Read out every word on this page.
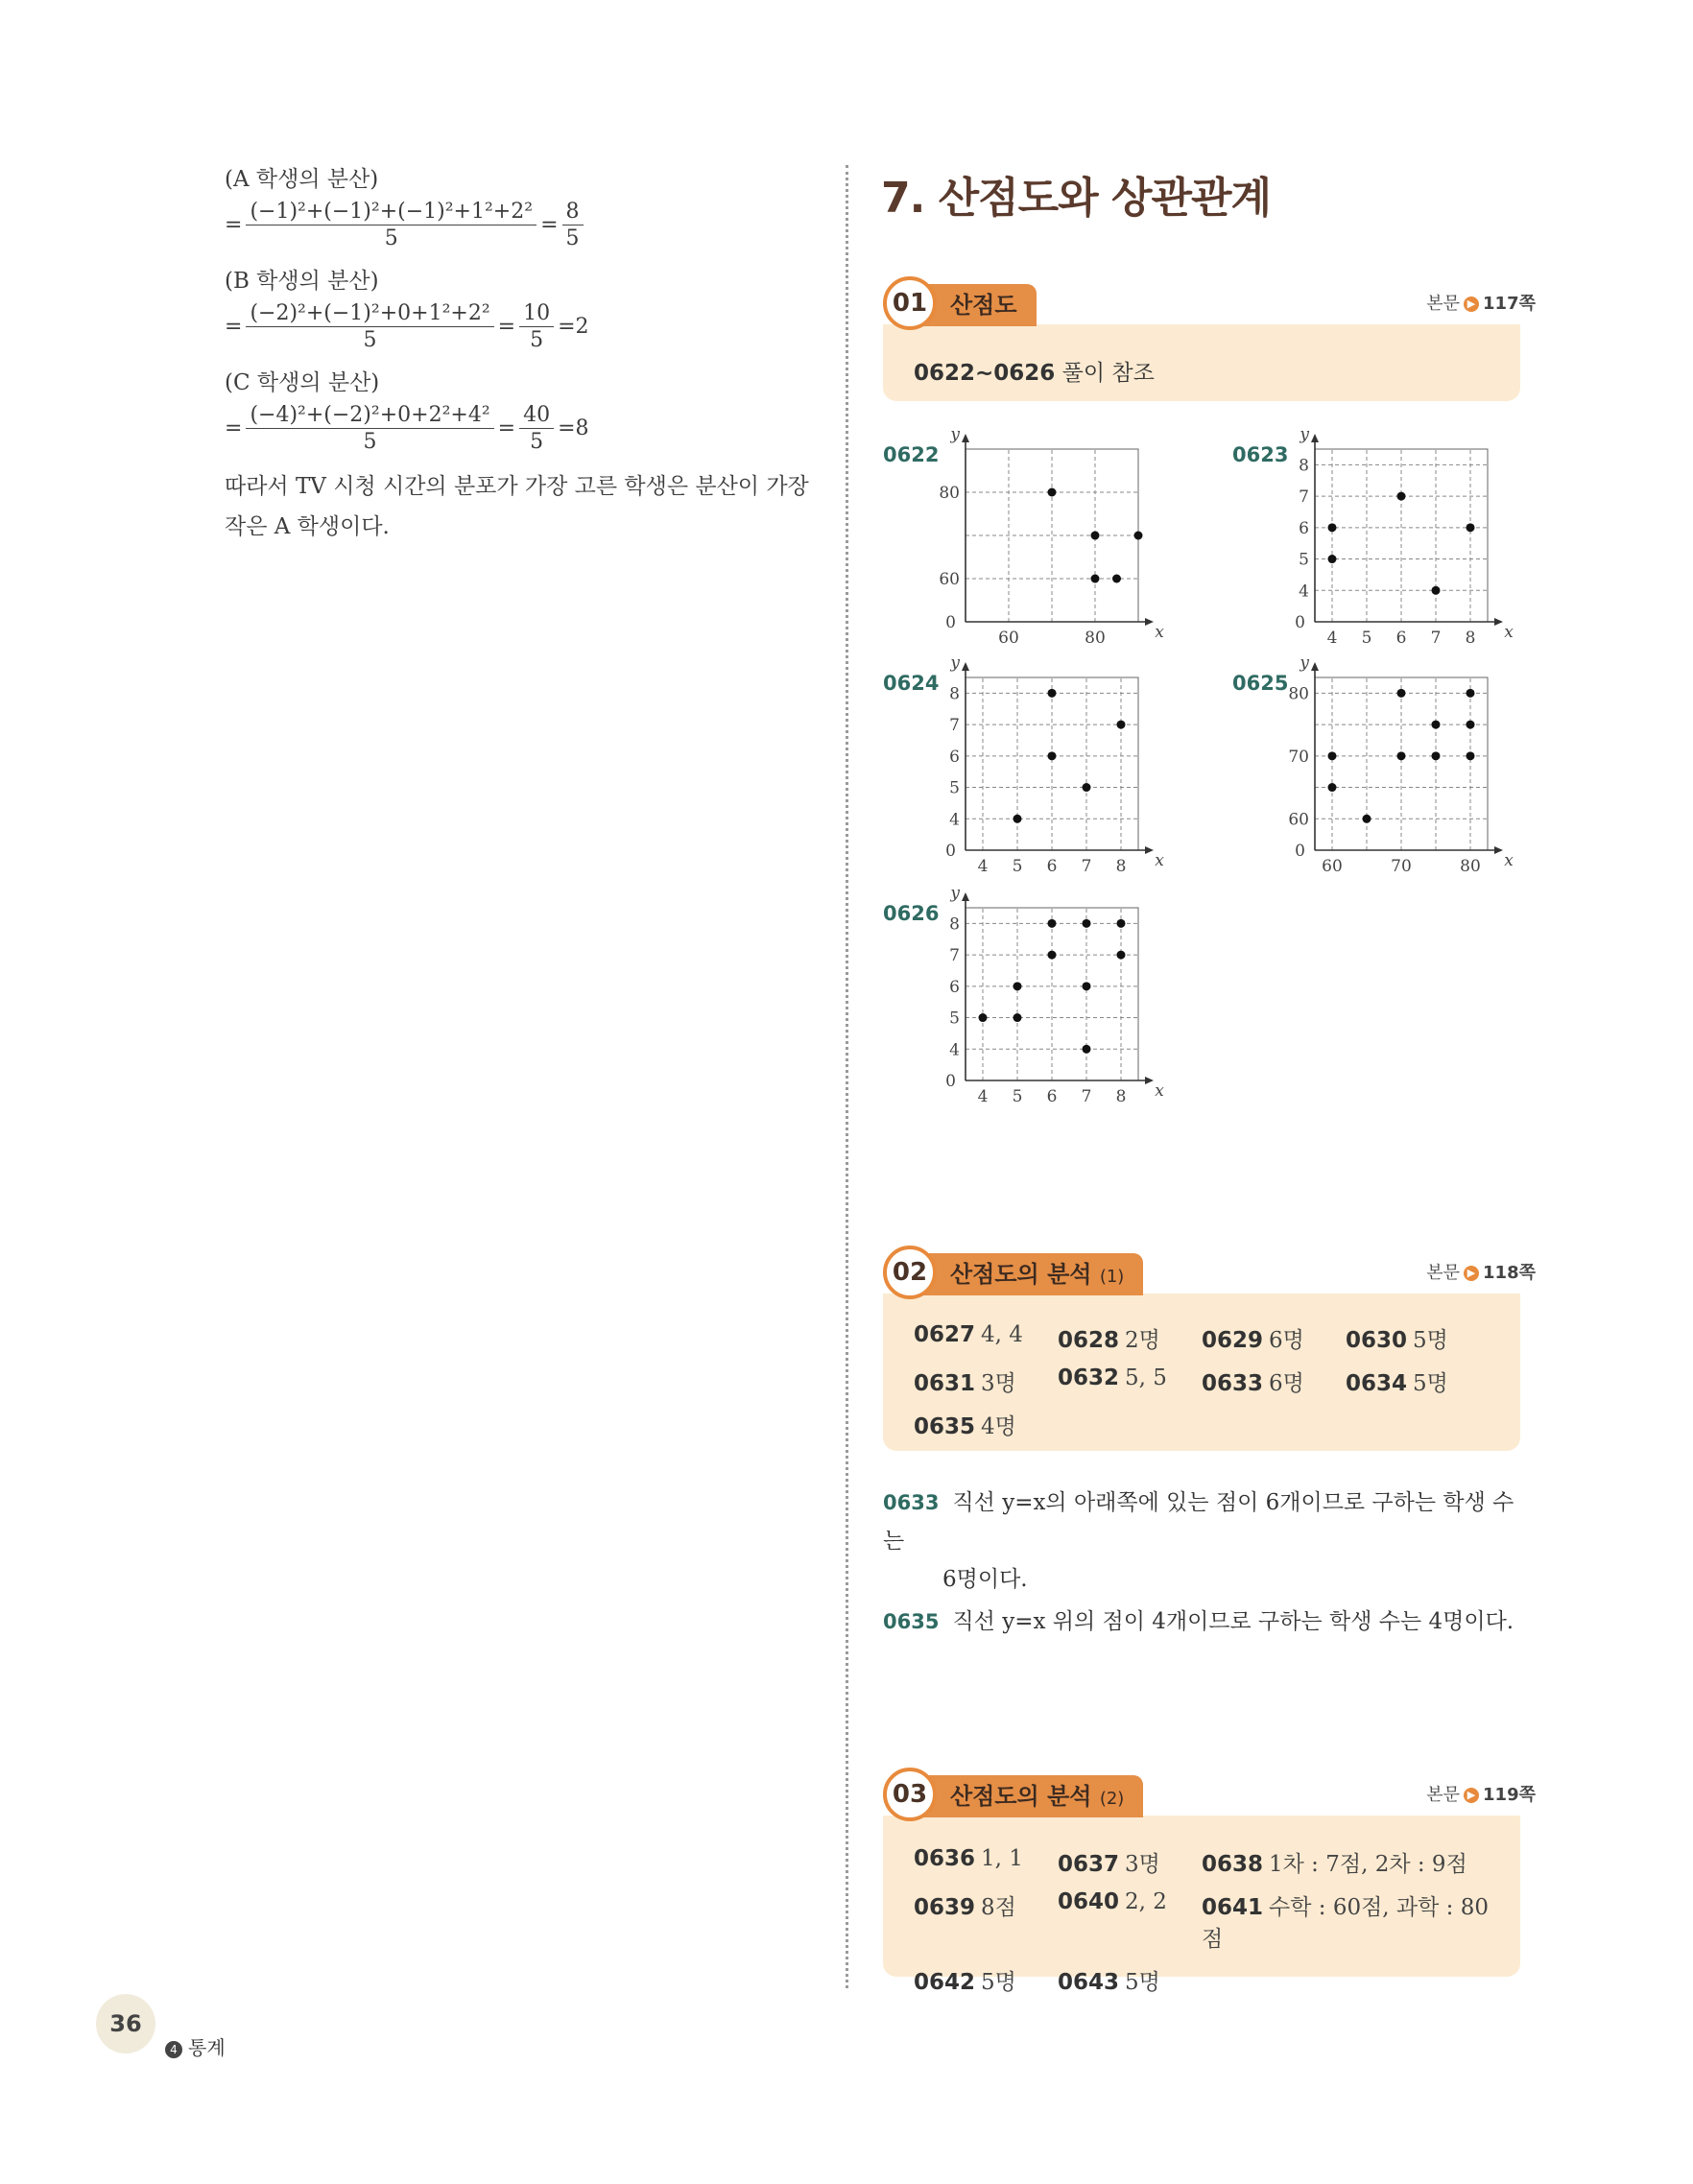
(A 학생의 분산)
= $\frac{\text{(−1)²+(−1)²+(−1)²+1²+2²}}{5} = \frac{8}{5}$
(B 학생의 분산)
= $\frac{\text{(−2)²+(−1)²+0+1²+2²}}{5} = \frac{10}{5} =2$
(C 학생의 분산)
= $\frac{\text{(−4)²+(−2)²+0+2²+4²}}{5} = \frac{40}{5} =8$
따라서 TV 시청 시간의 분포가 가장 고른 학생은 분산이 가장 작은 A 학생이다.
7. 산점도와 상관관계
01 산점도	본문 ▶ 117쪽
0622~0626 풀이 참조
0622	0623
0624	0625
0626
0	x
y
60	80
60
80
0	x
y
4 5 6 7 8
4
5
6
7
8
0	x
y
4 5 6 7 8
4
5
6
7
8
0	x
y
60	70	80
60
70
80
0	x
y
4 5 6 7 8
4
5
6
7
8
02 산점도의 분석 (1)	본문 ▶ 118쪽
0627 4, 4	0628 2명	0629 6명	0630 5명
0631 3명	0632 5, 5	0633 6명	0634 5명
0635 4명
0633 직선 y=x의 아래쪽에 있는 점이 6개이므로 구하는 학생 수는
6명이다.
0635 직선 y=x 위의 점이 4개이므로 구하는 학생 수는 4명이다.
03 산점도의 분석 (2)	본문 ▶ 119쪽
0636 1, 1	0637 3명	0638 1차 : 7점, 2차 : 9점
0639 8점	0640 2, 2	0641 수학 : 60점, 과학 : 80점
0642 5명	0643 5명
36
4 통계
